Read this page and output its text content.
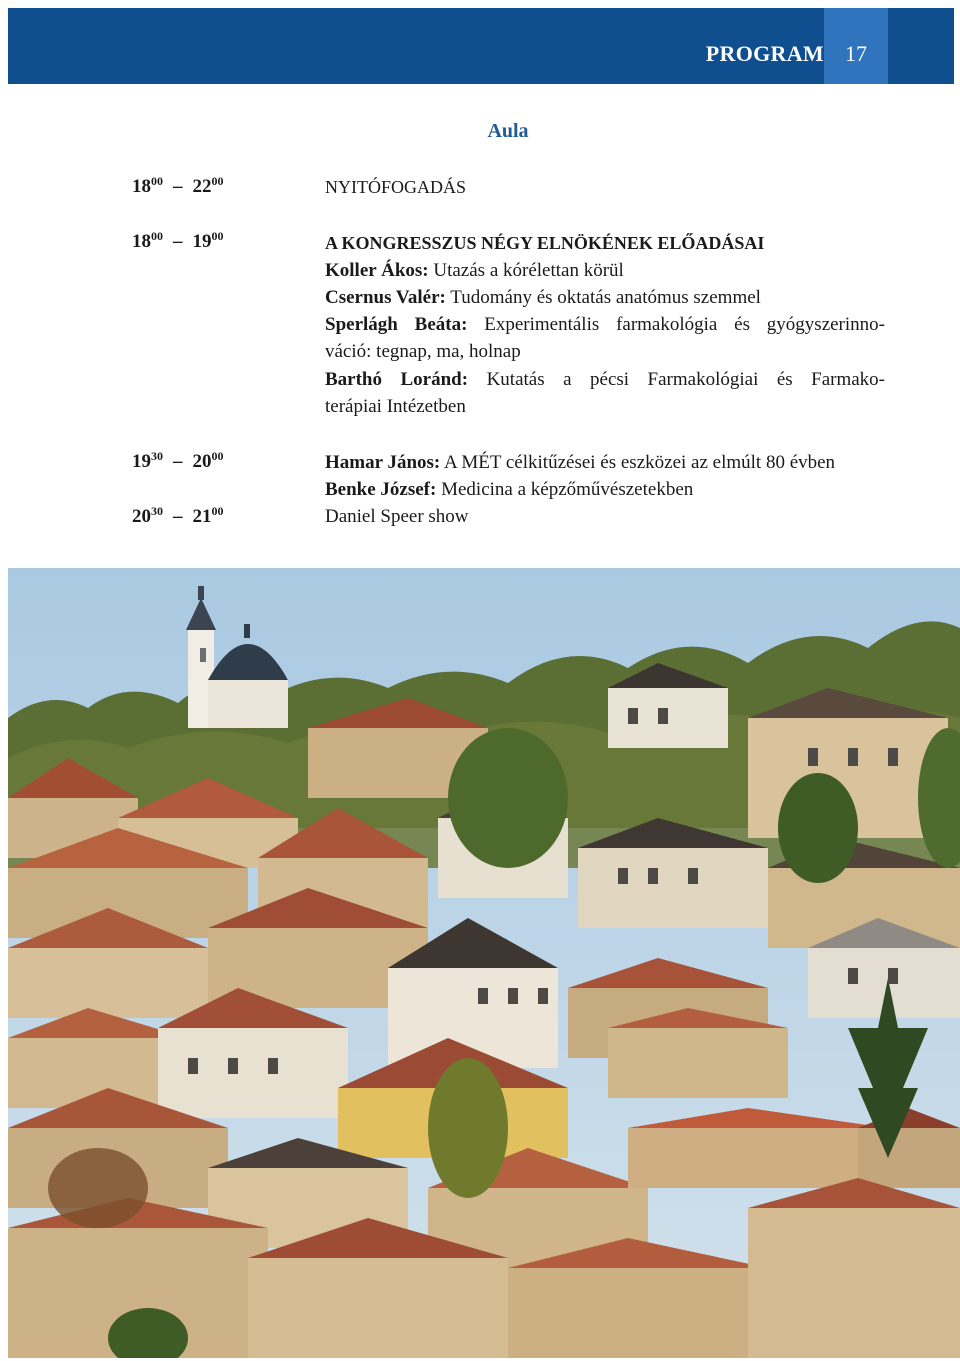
PROGRAM 17
Aula
$18^{00} - 22^{00}$	NYITÓFOGADÁS
$18^{00} - 19^{00}$	A KONGRESSZUS NÉGY ELNÖKÉNEK ELŐADÁSAI
Koller Ákos: Utazás a kórélettan körül
Csernus Valér: Tudomány és oktatás anatómus szemmel
Sperlágh Beáta: Experimentális farmakológia és gyógyszerinno-
váció: tegnap, ma, holnap
Barthó Loránd: Kutatás a pécsi Farmakológiai és Farmako-
terápiai Intézetben
$19^{30} - 20^{00}$	Hamar János: A MÉT célkitűzései és eszközei az elmúlt 80 évben
Benke József: Medicina a képzőművészetekben
$20^{30} - 21^{00}$	Daniel Speer show
